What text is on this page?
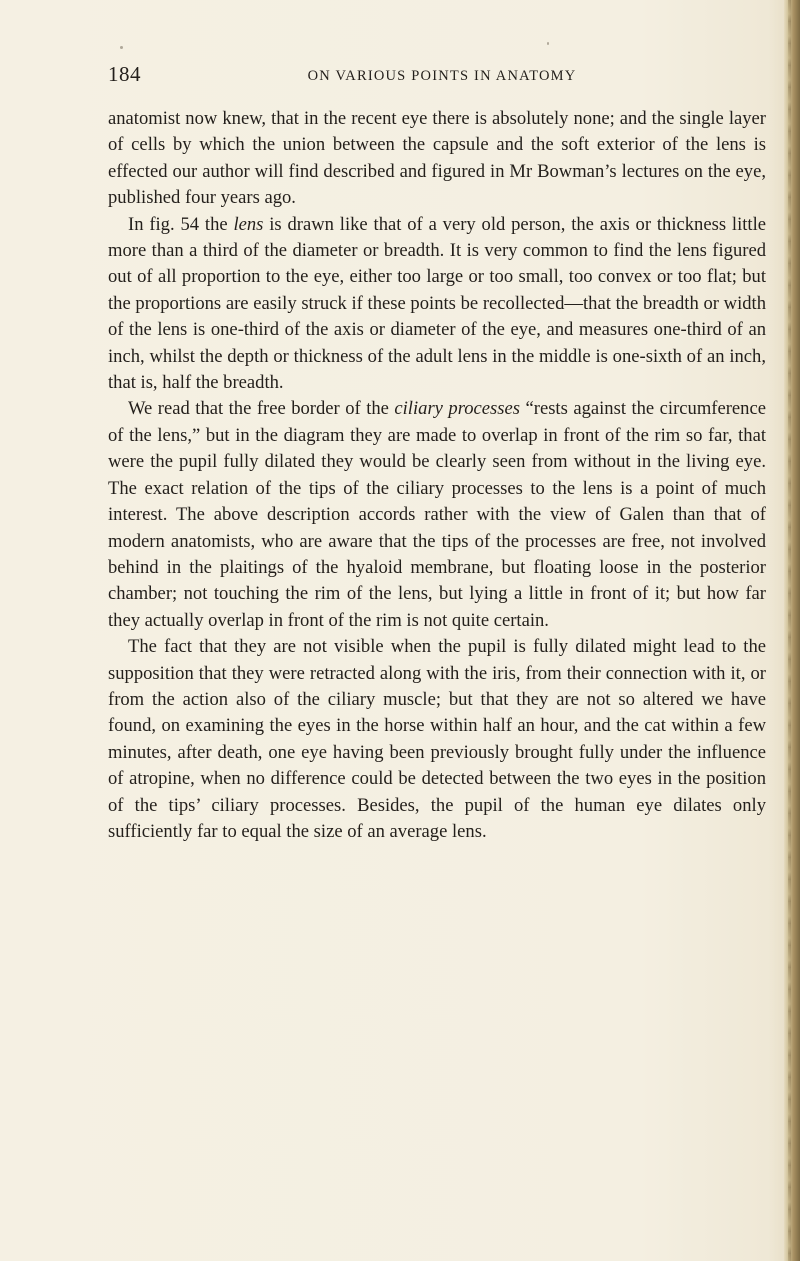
184	ON VARIOUS POINTS IN ANATOMY

anatomist now knew, that in the recent eye there is absolutely none; and the single layer of cells by which the union between the capsule and the soft exterior of the lens is effected our author will find described and figured in Mr Bowman’s lectures on the eye, published four years ago.

In fig. 54 the lens is drawn like that of a very old person, the axis or thickness little more than a third of the diameter or breadth. It is very common to find the lens figured out of all proportion to the eye, either too large or too small, too convex or too flat; but the proportions are easily struck if these points be recollected—that the breadth or width of the lens is one-third of the axis or diameter of the eye, and measures one-third of an inch, whilst the depth or thickness of the adult lens in the middle is one-sixth of an inch, that is, half the breadth.

We read that the free border of the ciliary processes “rests against the circumference of the lens,” but in the diagram they are made to overlap in front of the rim so far, that were the pupil fully dilated they would be clearly seen from without in the living eye. The exact relation of the tips of the ciliary processes to the lens is a point of much interest. The above description accords rather with the view of Galen than that of modern anatomists, who are aware that the tips of the processes are free, not involved behind in the plaitings of the hyaloid membrane, but floating loose in the posterior chamber; not touching the rim of the lens, but lying a little in front of it; but how far they actually overlap in front of the rim is not quite certain.

The fact that they are not visible when the pupil is fully dilated might lead to the supposition that they were retracted along with the iris, from their connection with it, or from the action also of the ciliary muscle; but that they are not so altered we have found, on examining the eyes in the horse within half an hour, and the cat within a few minutes, after death, one eye having been previously brought fully under the influence of atropine, when no difference could be detected between the two eyes in the position of the tips’ ciliary processes. Besides, the pupil of the human eye dilates only sufficiently far to equal the size of an average lens.
